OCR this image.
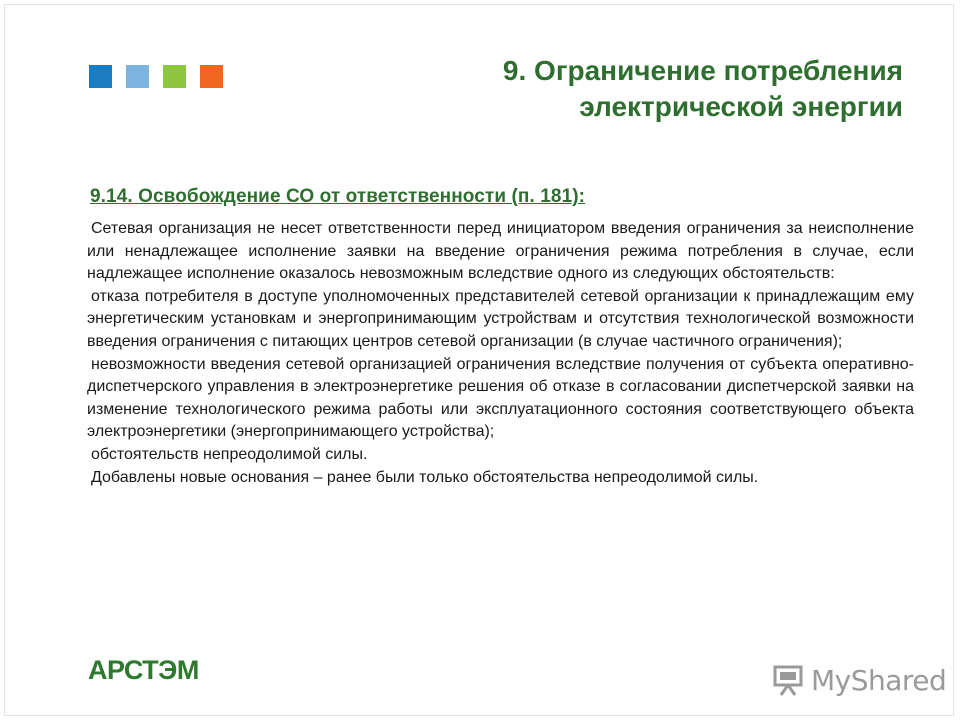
9. Ограничение потребления
электрической энергии
9.14. Освобождение СО от ответственности (п. 181):

Сетевая организация не несет ответственности перед инициатором введения ограничения за неисполнение или ненадлежащее исполнение заявки на введение ограничения режима потребления в случае, если надлежащее исполнение оказалось невозможным вследствие одного из следующих обстоятельств:

отказа потребителя в доступе уполномоченных представителей сетевой организации к принадлежащим ему энергетическим установкам и энергопринимающим устройствам и отсутствия технологической возможности введения ограничения с питающих центров сетевой организации (в случае частичного ограничения);

невозможности введения сетевой организацией ограничения вследствие получения от субъекта оперативно-диспетчерского управления в электроэнергетике решения об отказе в согласовании диспетчерской заявки на изменение технологического режима работы или эксплуатационного состояния соответствующего объекта электроэнергетики (энергопринимающего устройства);

обстоятельств непреодолимой силы.

Добавлены новые основания – ранее были только обстоятельства непреодолимой силы.

АРСТЭМ	MyShared
